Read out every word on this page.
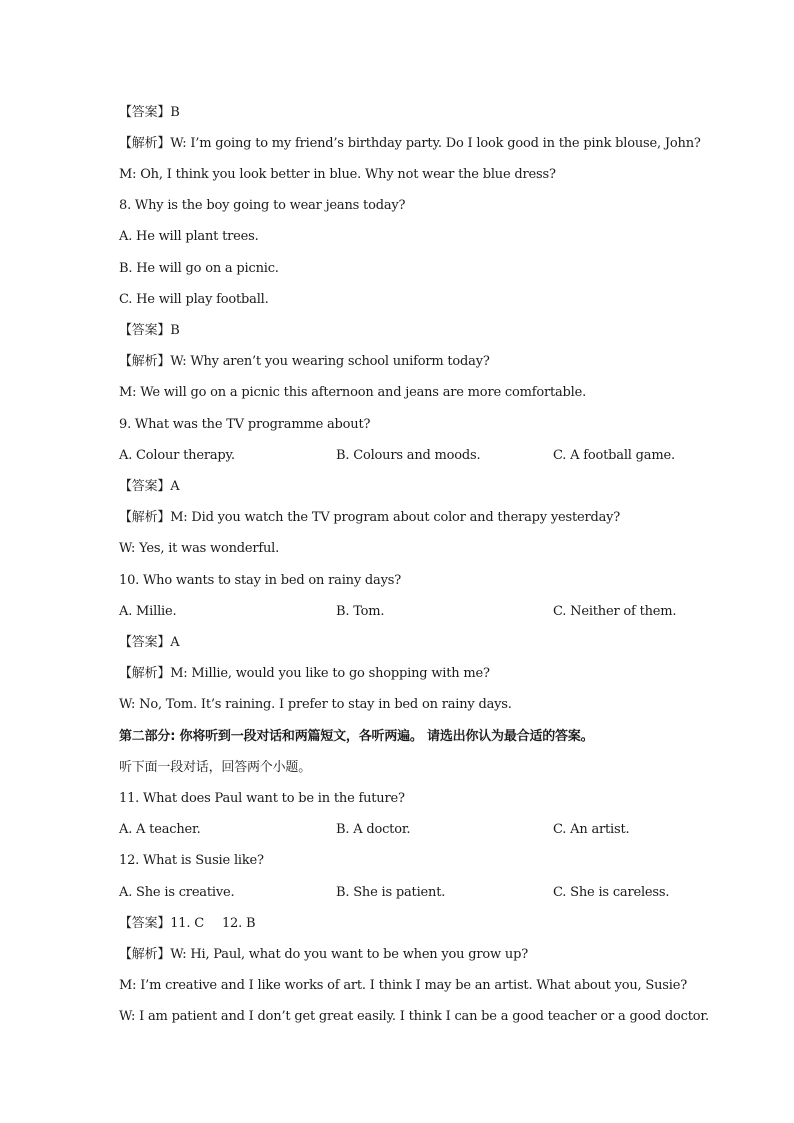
【答案】B
【解析】W: I’m going to my friend’s birthday party. Do I look good in the pink blouse, John?
M: Oh, I think you look better in blue. Why not wear the blue dress?
8. Why is the boy going to wear jeans today?
A. He will plant trees.
B. He will go on a picnic.
C. He will play football.
【答案】B
【解析】W: Why aren’t you wearing school uniform today?
M: We will go on a picnic this afternoon and jeans are more comfortable.
9. What was the TV programme about?
A. Colour therapy.	B. Colours and moods.	C. A football game.
【答案】A
【解析】M: Did you watch the TV program about color and therapy yesterday?
W: Yes, it was wonderful.
10. Who wants to stay in bed on rainy days?
A. Millie.	B. Tom.	C. Neither of them.
【答案】A
【解析】M: Millie, would you like to go shopping with me?
W: No, Tom. It’s raining. I prefer to stay in bed on rainy days.
第二部分: 你将听到一段对话和两篇短文，各听两遍。 请选出你认为最合适的答案。
听下面一段对话，回答两个小题。
11. What does Paul want to be in the future?
A. A teacher.	B. A doctor.	C. An artist.
12. What is Susie like?
A. She is creative.	B. She is patient.	C. She is careless.
【答案】11. C 12. B
【解析】W: Hi, Paul, what do you want to be when you grow up?
M: I’m creative and I like works of art. I think I may be an artist. What about you, Susie?
W: I am patient and I don’t get great easily. I think I can be a good teacher or a good doctor.
